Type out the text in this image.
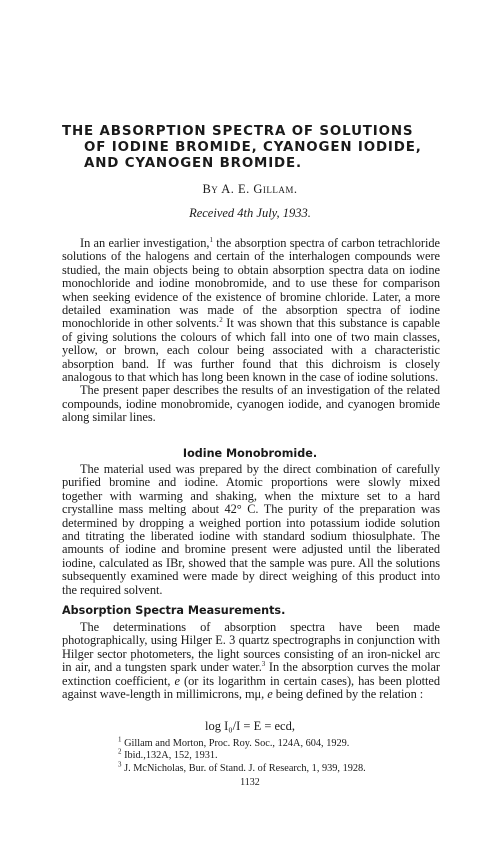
THE ABSORPTION SPECTRA OF SOLUTIONS
OF IODINE BROMIDE, CYANOGEN IODIDE,
AND CYANOGEN BROMIDE.
By A. E. Gillam.
Received 4th July, 1933.

In an earlier investigation,$^1$ the absorption spectra of carbon tetrachloride solutions of the halogens and certain of the interhalogen compounds were studied, the main objects being to obtain absorption spectra data on iodine monochloride and iodine monobromide, and to use these for comparison when seeking evidence of the existence of bromine chloride. Later, a more detailed examination was made of the absorption spectra of iodine monochloride in other solvents.$^2$ It was shown that this substance is capable of giving solutions the colours of which fall into one of two main classes, yellow, or brown, each colour being associated with a characteristic absorption band. If was further found that this dichroism is closely analogous to that which has long been known in the case of iodine solutions.

The present paper describes the results of an investigation of the related compounds, iodine monobromide, cyanogen iodide, and cyanogen bromide along similar lines.

Iodine Monobromide.

The material used was prepared by the direct combination of carefully purified bromine and iodine. Atomic proportions were slowly mixed together with warming and shaking, when the mixture set to a hard crystalline mass melting about 42° C. The purity of the preparation was determined by dropping a weighed portion into potassium iodide solution and titrating the liberated iodine with standard sodium thiosulphate. The amounts of iodine and bromine present were adjusted until the liberated iodine, calculated as IBr, showed that the sample was pure. All the solutions subsequently examined were made by direct weighing of this product into the required solvent.

Absorption Spectra Measurements.

The determinations of absorption spectra have been made photographically, using Hilger E. 3 quartz spectrographs in conjunction with Hilger sector photometers, the light sources consisting of an iron-nickel arc in air, and a tungsten spark under water.$^3$ In the absorption curves the molar extinction coefficient, e (or its logarithm in certain cases), has been plotted against wave-length in millimicrons, mμ, e being defined by the relation :

log I₀/I = E = ecd,
$^1$ Gillam and Morton, Proc. Roy. Soc., 124A, 604, 1929.
$^2$ Ibid.,132A, 152, 1931.
$^3$ J. McNicholas, Bur. of Stand. J. of Research, 1, 939, 1928.
1132
